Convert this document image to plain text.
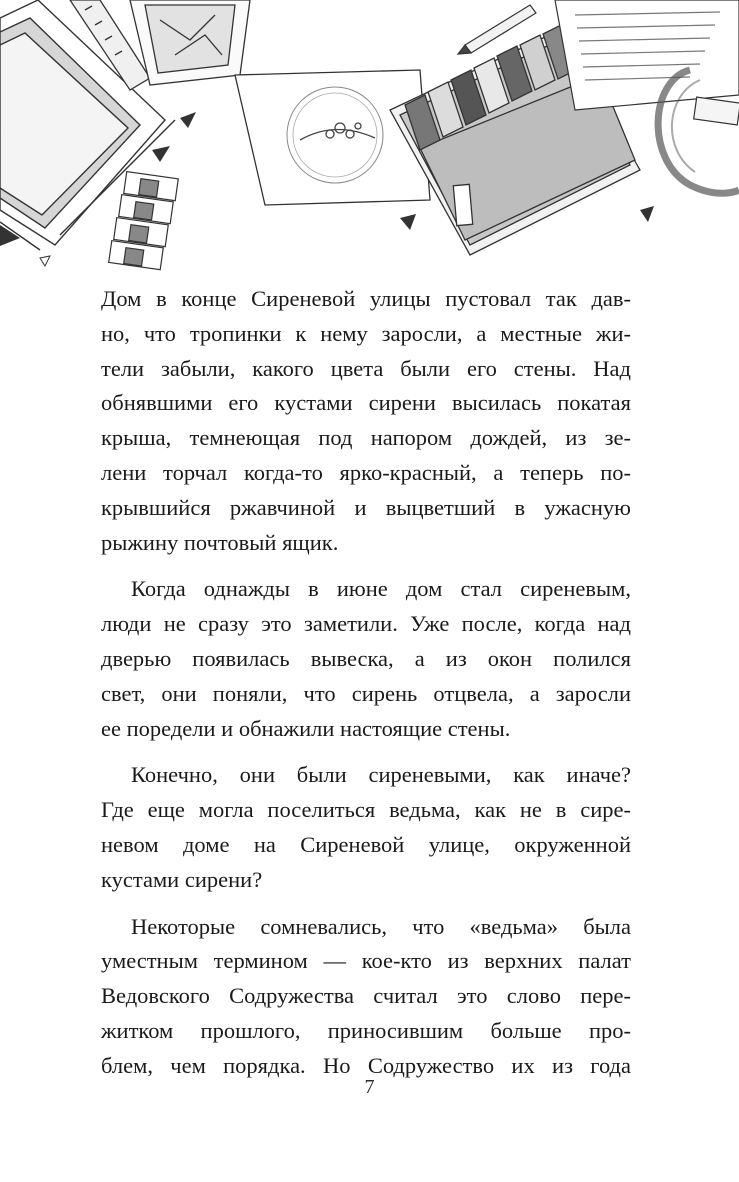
Дом в конце Сиреневой улицы пустовал так дав-
но, что тропинки к нему заросли, а местные жи-
тели забыли, какого цвета были его стены. Над
обнявшими его кустами сирени высилась покатая
крыша, темнеющая под напором дождей, из зе-
лени торчал когда-то ярко-красный, а теперь по-
крывшийся ржавчиной и выцветший в ужасную
рыжину почтовый ящик.
Когда однажды в июне дом стал сиреневым,
люди не сразу это заметили. Уже после, когда над
дверью появилась вывеска, а из окон полился
свет, они поняли, что сирень отцвела, а заросли
ее поредели и обнажили настоящие стены.
Конечно, они были сиреневыми, как иначе?
Где еще могла поселиться ведьма, как не в сире-
невом доме на Сиреневой улице, окруженной
кустами сирени?
Некоторые сомневались, что «ведьма» была
уместным термином — кое-кто из верхних палат
Ведовского Содружества считал это слово пере-
житком прошлого, приносившим больше про-
блем, чем порядка. Но Содружество их из года
7
